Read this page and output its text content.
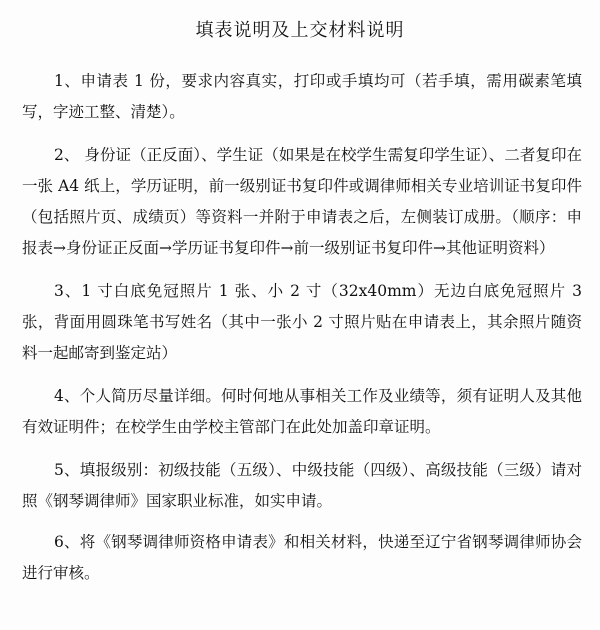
填表说明及上交材料说明

1、申请表 1 份，要求内容真实，打印或手填均可（若手填，需用碳素笔填写，字迹工整、清楚）。

2、 身份证（正反面）、学生证（如果是在校学生需复印学生证）、二者复印在一张 A4 纸上，学历证明，前一级别证书复印件或调律师相关专业培训证书复印件（包括照片页、成绩页）等资料一并附于申请表之后，左侧装订成册。（顺序：申报表→身份证正反面→学历证书复印件→前一级别证书复印件→其他证明资料）

3、1 寸白底免冠照片 1 张、小 2 寸（32x40mm）无边白底免冠照片 3 张，背面用圆珠笔书写姓名（其中一张小 2 寸照片贴在申请表上，其余照片随资料一起邮寄到鉴定站）

4、个人简历尽量详细。何时何地从事相关工作及业绩等，须有证明人及其他有效证明件；在校学生由学校主管部门在此处加盖印章证明。

5、填报级别：初级技能（五级）、中级技能（四级）、高级技能（三级）请对照《钢琴调律师》国家职业标准，如实申请。

6、将《钢琴调律师资格申请表》和相关材料，快递至辽宁省钢琴调律师协会进行审核。
